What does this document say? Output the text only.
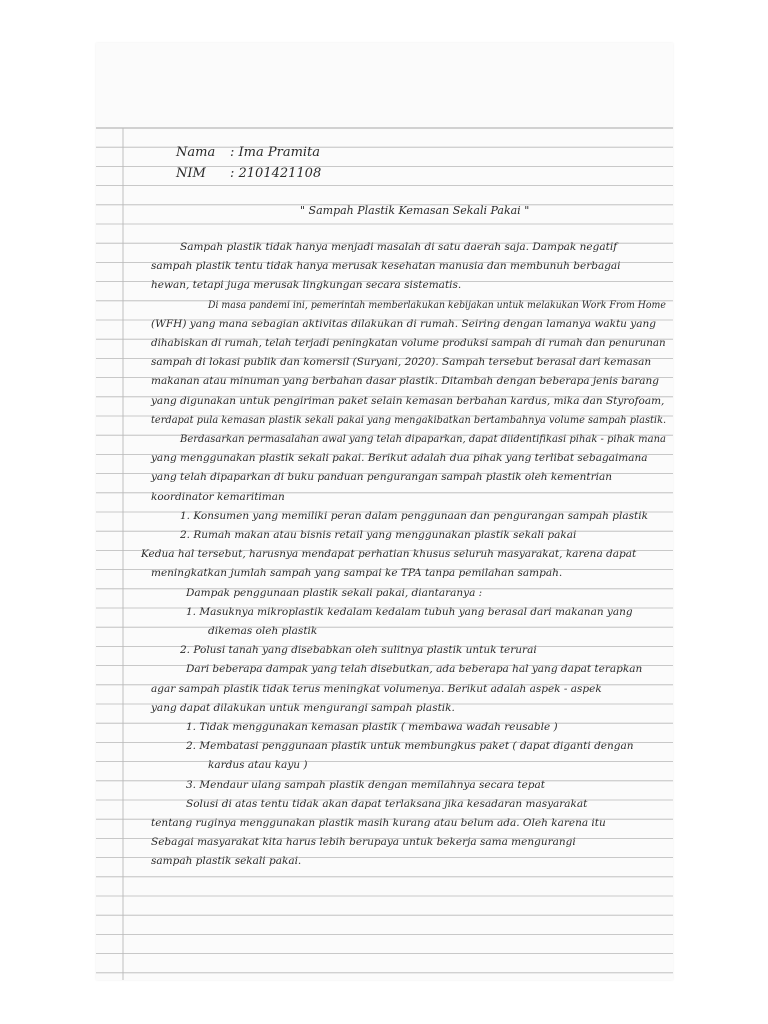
Nama : Ima Pramita
NIM : 2101421108
" Sampah Plastik Kemasan Sekali Pakai "
Sampah plastik tidak hanya menjadi masalah di satu daerah saja. Dampak negatif
sampah plastik tentu tidak hanya merusak kesehatan manusia dan membunuh berbagai
hewan, tetapi juga merusak lingkungan secara sistematis.
Di masa pandemi ini, pemerintah memberlakukan kebijakan untuk melakukan Work From Home
(WFH) yang mana sebagian aktivitas dilakukan di rumah. Seiring dengan lamanya waktu yang
dihabiskan di rumah, telah terjadi peningkatan volume produksi sampah di rumah dan penurunan
sampah di lokasi publik dan komersil (Suryani, 2020). Sampah tersebut berasal dari kemasan
makanan atau minuman yang berbahan dasar plastik. Ditambah dengan beberapa jenis barang
yang digunakan untuk pengiriman paket selain kemasan berbahan kardus, mika dan Styrofoam,
terdapat pula kemasan plastik sekali pakai yang mengakibatkan bertambahnya volume sampah plastik.
Berdasarkan permasalahan awal yang telah dipaparkan, dapat diidentifikasi pihak - pihak mana
yang menggunakan plastik sekali pakai. Berikut adalah dua pihak yang terlibat sebagaimana
yang telah dipaparkan di buku panduan pengurangan sampah plastik oleh kementrian
koordinator kemaritiman
1. Konsumen yang memiliki peran dalam penggunaan dan pengurangan sampah plastik
2. Rumah makan atau bisnis retail yang menggunakan plastik sekali pakai
Kedua hal tersebut, harusnya mendapat perhatian khusus seluruh masyarakat, karena dapat
meningkatkan jumlah sampah yang sampai ke TPA tanpa pemilahan sampah.
Dampak penggunaan plastik sekali pakai, diantaranya :
1. Masuknya mikroplastik kedalam kedalam tubuh yang berasal dari makanan yang
dikemas oleh plastik
2. Polusi tanah yang disebabkan oleh sulitnya plastik untuk terurai
Dari beberapa dampak yang telah disebutkan, ada beberapa hal yang dapat terapkan
agar sampah plastik tidak terus meningkat volumenya. Berikut adalah aspek - aspek
yang dapat dilakukan untuk mengurangi sampah plastik.
1. Tidak menggunakan kemasan plastik ( membawa wadah reusable )
2. Membatasi penggunaan plastik untuk membungkus paket ( dapat diganti dengan
kardus atau kayu )
3. Mendaur ulang sampah plastik dengan memilahnya secara tepat
Solusi di atas tentu tidak akan dapat terlaksana jika kesadaran masyarakat
tentang ruginya menggunakan plastik masih kurang atau belum ada. Oleh karena itu
Sebagai masyarakat kita harus lebih berupaya untuk bekerja sama mengurangi
sampah plastik sekali pakai.
